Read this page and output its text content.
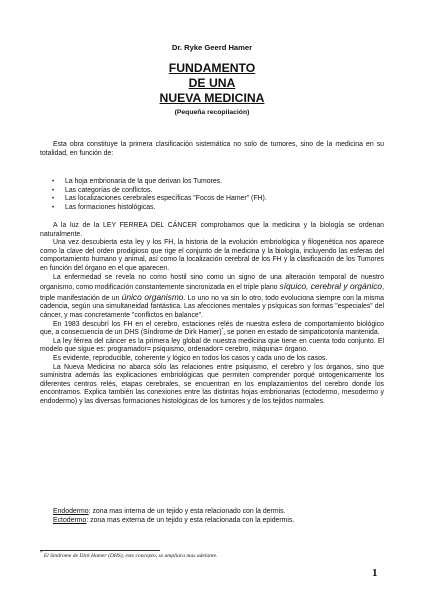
Dr. Ryke Geerd Hamer
FUNDAMENTO
DE UNA
NUEVA MEDICINA
(Pequeña recopilación)

Esta obra constituye la primera clasificación sistemática no solo de tumores, sino de la medicina en su totalidad, en función de:

• La hoja embrionaria de la que derivan los Tumores.
• Las categorías de conflictos.
• Las localizaciones cerebrales específicas "Focos de Hamer" (FH).
• Las formaciones histológicas.

A la luz de la LEY FERREA DEL CÁNCER comprobamos que la medicina y la biología se ordenan naturalmente.

Una vez descubierta esta ley y los FH, la historia de la evolución embriológica y filogenética nos aparece como la clave del orden prodigioso que rige el conjunto de la medicina y la biología, incluyendo las esferas del comportamiento humano y animal, así como la localización cerebral de los FH y la clasificación de los Tumores en función del órgano en el que aparecen.

La enfermedad se revela no como hostil sino como un signo de una alteración temporal de nuestro organismo, como modificación constantemente sincronizada en el triple plano síquico, cerebral y orgánico, triple manifestación de un único organismo. Lo uno no va sin lo otro, todo evoluciona siempre con la misma cadencia, según una simultaneidad fantástica. Las afecciones mentales y psíquicas son formas "especiales" del cáncer, y mas concretamente "conflictos en balance".

En 1983 descubrí los FH en el cerebro, estaciones relés de nuestra esfera de comportamiento biológico que, a consecuencia de un DHS (Síndrome de Dirk Hamer)*, se ponen en estado de simpaticotonía mantenida.

La ley férrea del cáncer es la primera ley global de nuestra medicina que tiene en cuenta todo conjunto. El modelo que sigue es: programador= psiquismo, ordenador= cerebro, máquina= órgano.

Es evidente, reproducible, coherente y lógico en todos los casos y cada uno de los casos.

La Nueva Medicina no abarca sólo las relaciones entre psiquismo, el cerebro y los órganos, sino que suministra además las explicaciones embriológicas que permiten comprender porqué ontogenicamente los diferentes centros relés, etapas cerebrales, se encuentran en los emplazamientos del cerebro donde los encontramos. Explica también las conexiones entre las distintas hojas embrionarias (ectodermo, mesodermo y endodermo) y las diversas formaciones histológicas de los tumores y de los tejidos normales.

Endodermo: zona mas interna de un tejido y esta relacionado con la dermis.

Ectodermo: zona mas externa de un tejido y esta relacionada con la epidermis.

* El Síndrome de Dirk Hamer (DHS), este concepto, se ampliara mas adelante.
1
